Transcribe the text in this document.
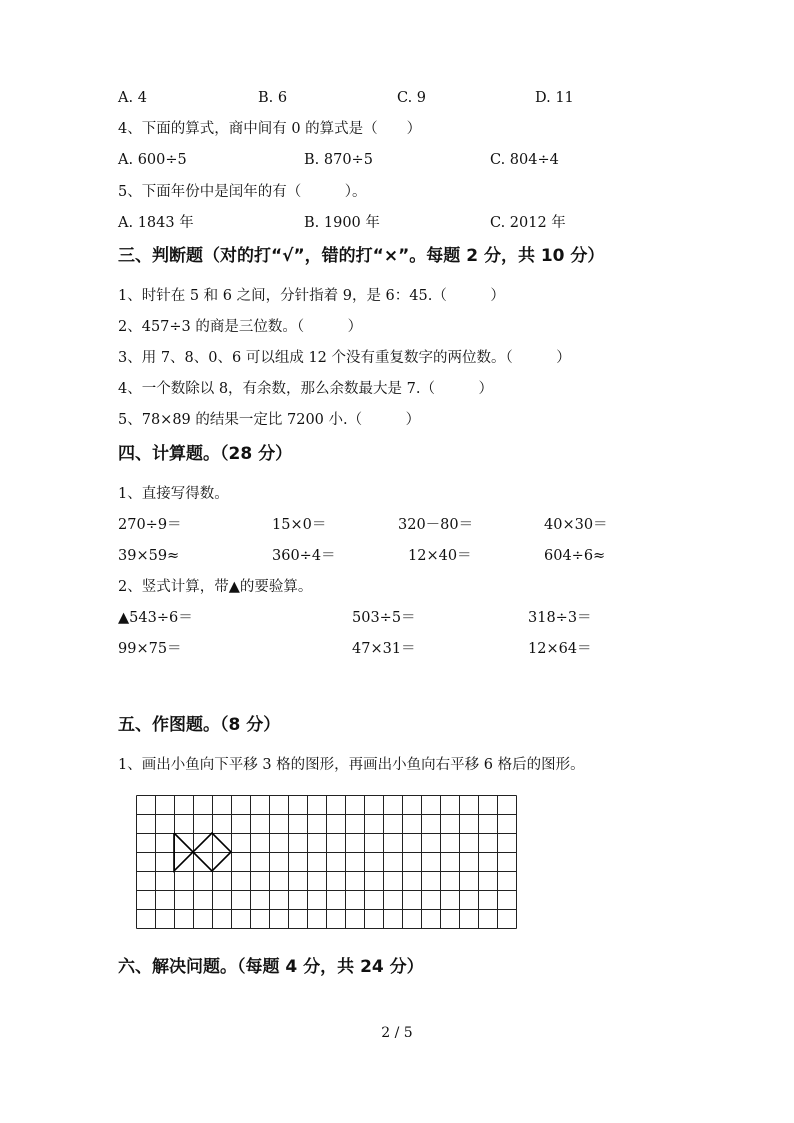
A. 4	B. 6	C. 9	D. 11
4、下面的算式，商中间有 0 的算式是（　　）
A. 600÷5	B. 870÷5	C. 804÷4
5、下面年份中是闰年的有（　　　）。
A. 1843 年	B. 1900 年	C. 2012 年
三、判断题（对的打“√”，错的打“×”。每题 2 分，共 10 分）
1、时针在 5 和 6 之间，分针指着 9，是 6：45.（　　　）
2、457÷3 的商是三位数。（　　　）
3、用 7、8、0、6 可以组成 12 个没有重复数字的两位数。（　　　）
4、一个数除以 8，有余数，那么余数最大是 7.（　　　）
5、78×89 的结果一定比 7200 小.（　　　）
四、计算题。（28 分）
1、直接写得数。
270÷9＝	15×0＝	320－80＝	40×30＝
39×59≈	360÷4＝	12×40＝	604÷6≈
2、竖式计算，带▲的要验算。
▲543÷6＝	503÷5＝	318÷3＝
99×75＝	47×31＝	12×64＝
五、作图题。（8 分）
1、画出小鱼向下平移 3 格的图形，再画出小鱼向右平移 6 格后的图形。
六、解决问题。（每题 4 分，共 24 分）
2 / 5
